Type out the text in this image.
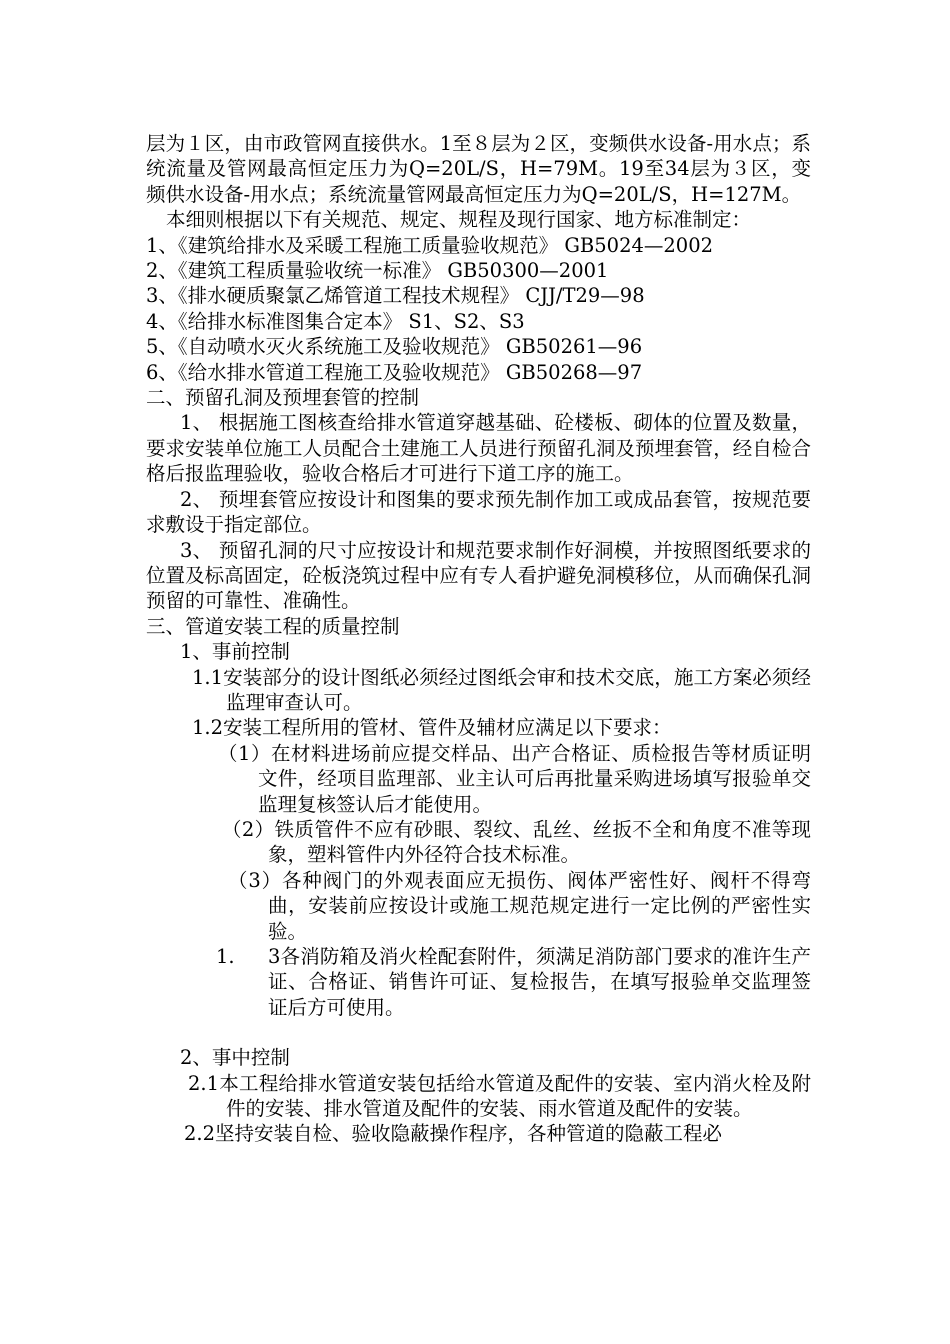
层为１区，由市政管网直接供水。1至８层为２区，变频供水设备-用水点；系统流量及管网最高恒定压力为Q=20L/S，H=79M。19至34层为３区，变频供水设备-用水点；系统流量管网最高恒定压力为Q=20L/S，H=127M。

本细则根据以下有关规范、规定、规程及现行国家、地方标准制定：

1、《建筑给排水及采暖工程施工质量验收规范》 GB5024—2002

2、《建筑工程质量验收统一标准》 GB50300—2001

3、《排水硬质聚氯乙烯管道工程技术规程》 CJJ/T29—98

4、《给排水标准图集合定本》 S1、S2、S3

5、《自动喷水灭火系统施工及验收规范》 GB50261—96

6、《给水排水管道工程施工及验收规范》 GB50268—97

二、预留孔洞及预埋套管的控制

1、 根据施工图核查给排水管道穿越基础、砼楼板、砌体的位置及数量，要求安装单位施工人员配合土建施工人员进行预留孔洞及预埋套管，经自检合格后报监理验收，验收合格后才可进行下道工序的施工。

2、 预埋套管应按设计和图集的要求预先制作加工或成品套管，按规范要求敷设于指定部位。

3、 预留孔洞的尺寸应按设计和规范要求制作好洞模，并按照图纸要求的位置及标高固定，砼板浇筑过程中应有专人看护避免洞模移位，从而确保孔洞预留的可靠性、准确性。

三、管道安装工程的质量控制

1、事前控制

1.1安装部分的设计图纸必须经过图纸会审和技术交底，施工方案必须经监理审查认可。

1.2安装工程所用的管材、管件及辅材应满足以下要求：

（1）在材料进场前应提交样品、出产合格证、质检报告等材质证明文件，经项目监理部、业主认可后再批量采购进场填写报验单交监理复核签认后才能使用。

（2）铁质管件不应有砂眼、裂纹、乱丝、丝扳不全和角度不准等现象，塑料管件内外径符合技术标准。

（3）各种阀门的外观表面应无损伤、阀体严密性好、阀杆不得弯曲，安装前应按设计或施工规范规定进行一定比例的严密性实验。

1. 3各消防箱及消火栓配套附件，须满足消防部门要求的准许生产证、合格证、销售许可证、复检报告，在填写报验单交监理签证后方可使用。

2、事中控制

2.1本工程给排水管道安装包括给水管道及配件的安装、室内消火栓及附件的安装、排水管道及配件的安装、雨水管道及配件的安装。

2.2坚持安装自检、验收隐蔽操作程序，各种管道的隐蔽工程必
